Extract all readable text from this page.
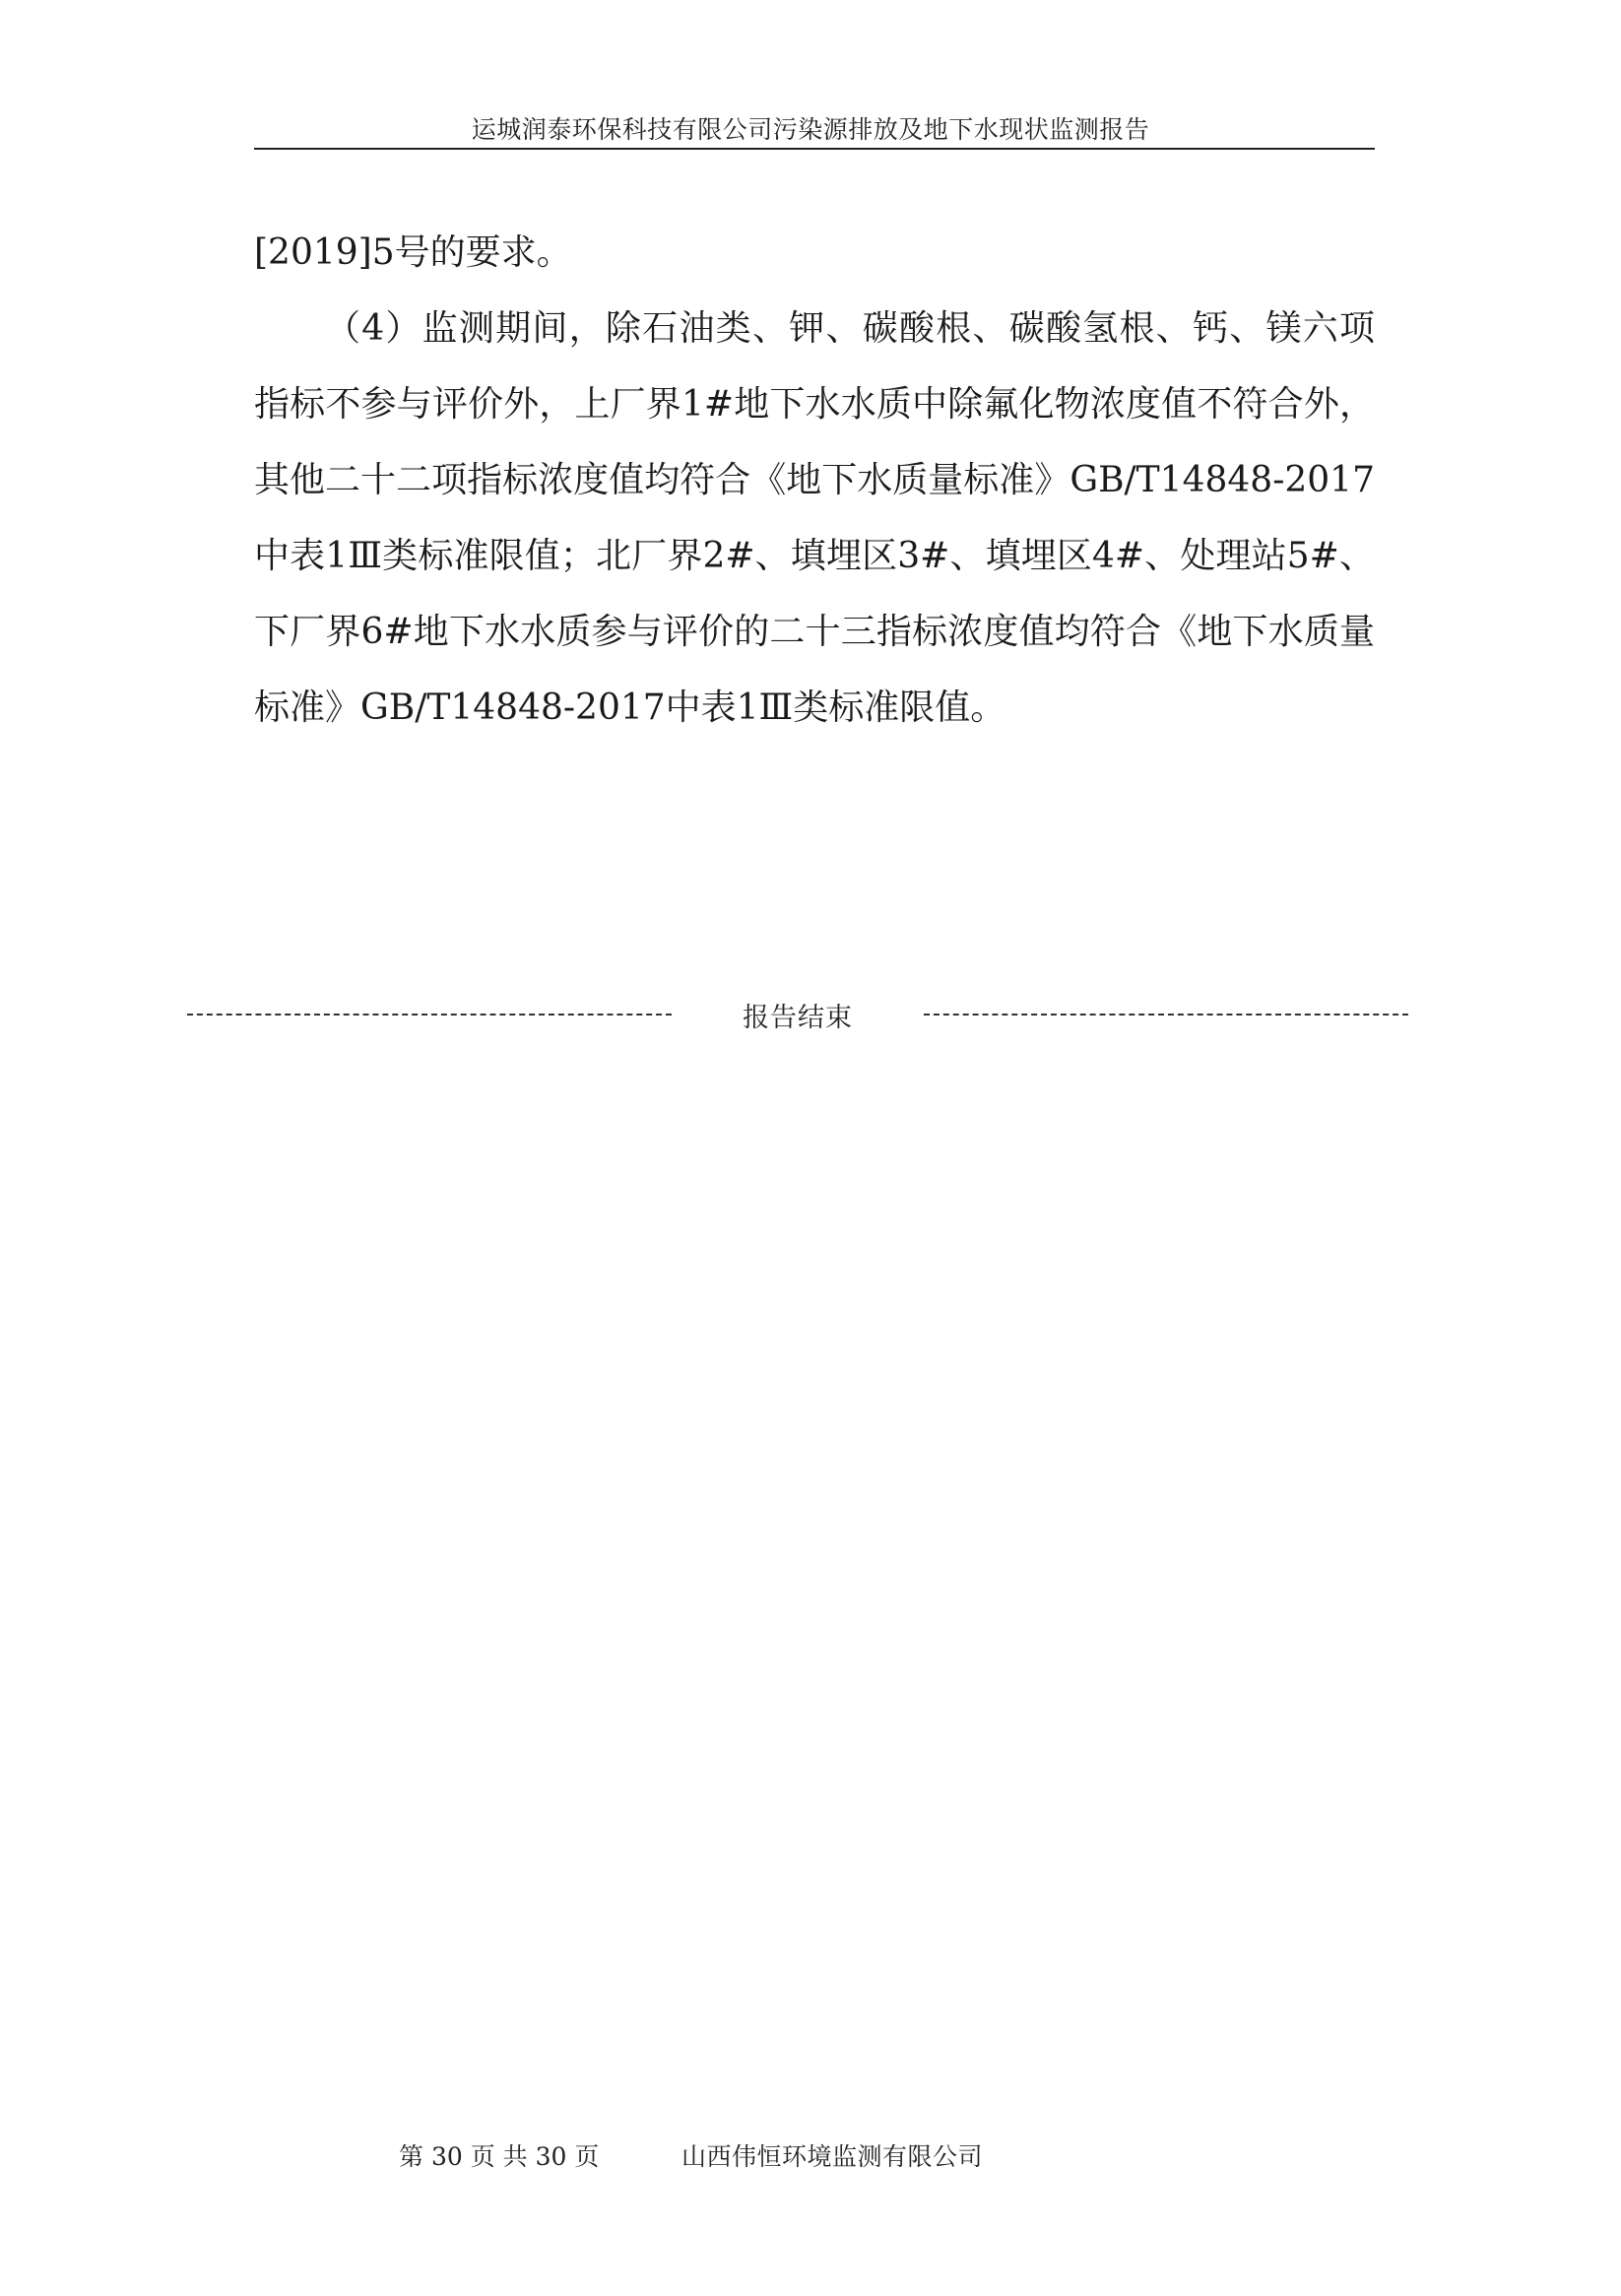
运城润泰环保科技有限公司污染源排放及地下水现状监测报告

[2019]5号的要求。

（4）监测期间，除石油类、钾、碳酸根、碳酸氢根、钙、镁六项指标不参与评价外，上厂界1#地下水水质中除氟化物浓度值不符合外，其他二十二项指标浓度值均符合《地下水质量标准》GB/T14848-2017中表1Ⅲ类标准限值；北厂界2#、填埋区3#、填埋区4#、处理站5#、下厂界6#地下水水质参与评价的二十三指标浓度值均符合《地下水质量标准》GB/T14848-2017中表1Ⅲ类标准限值。

报告结束
第 30 页 共 30 页	山西伟恒环境监测有限公司
